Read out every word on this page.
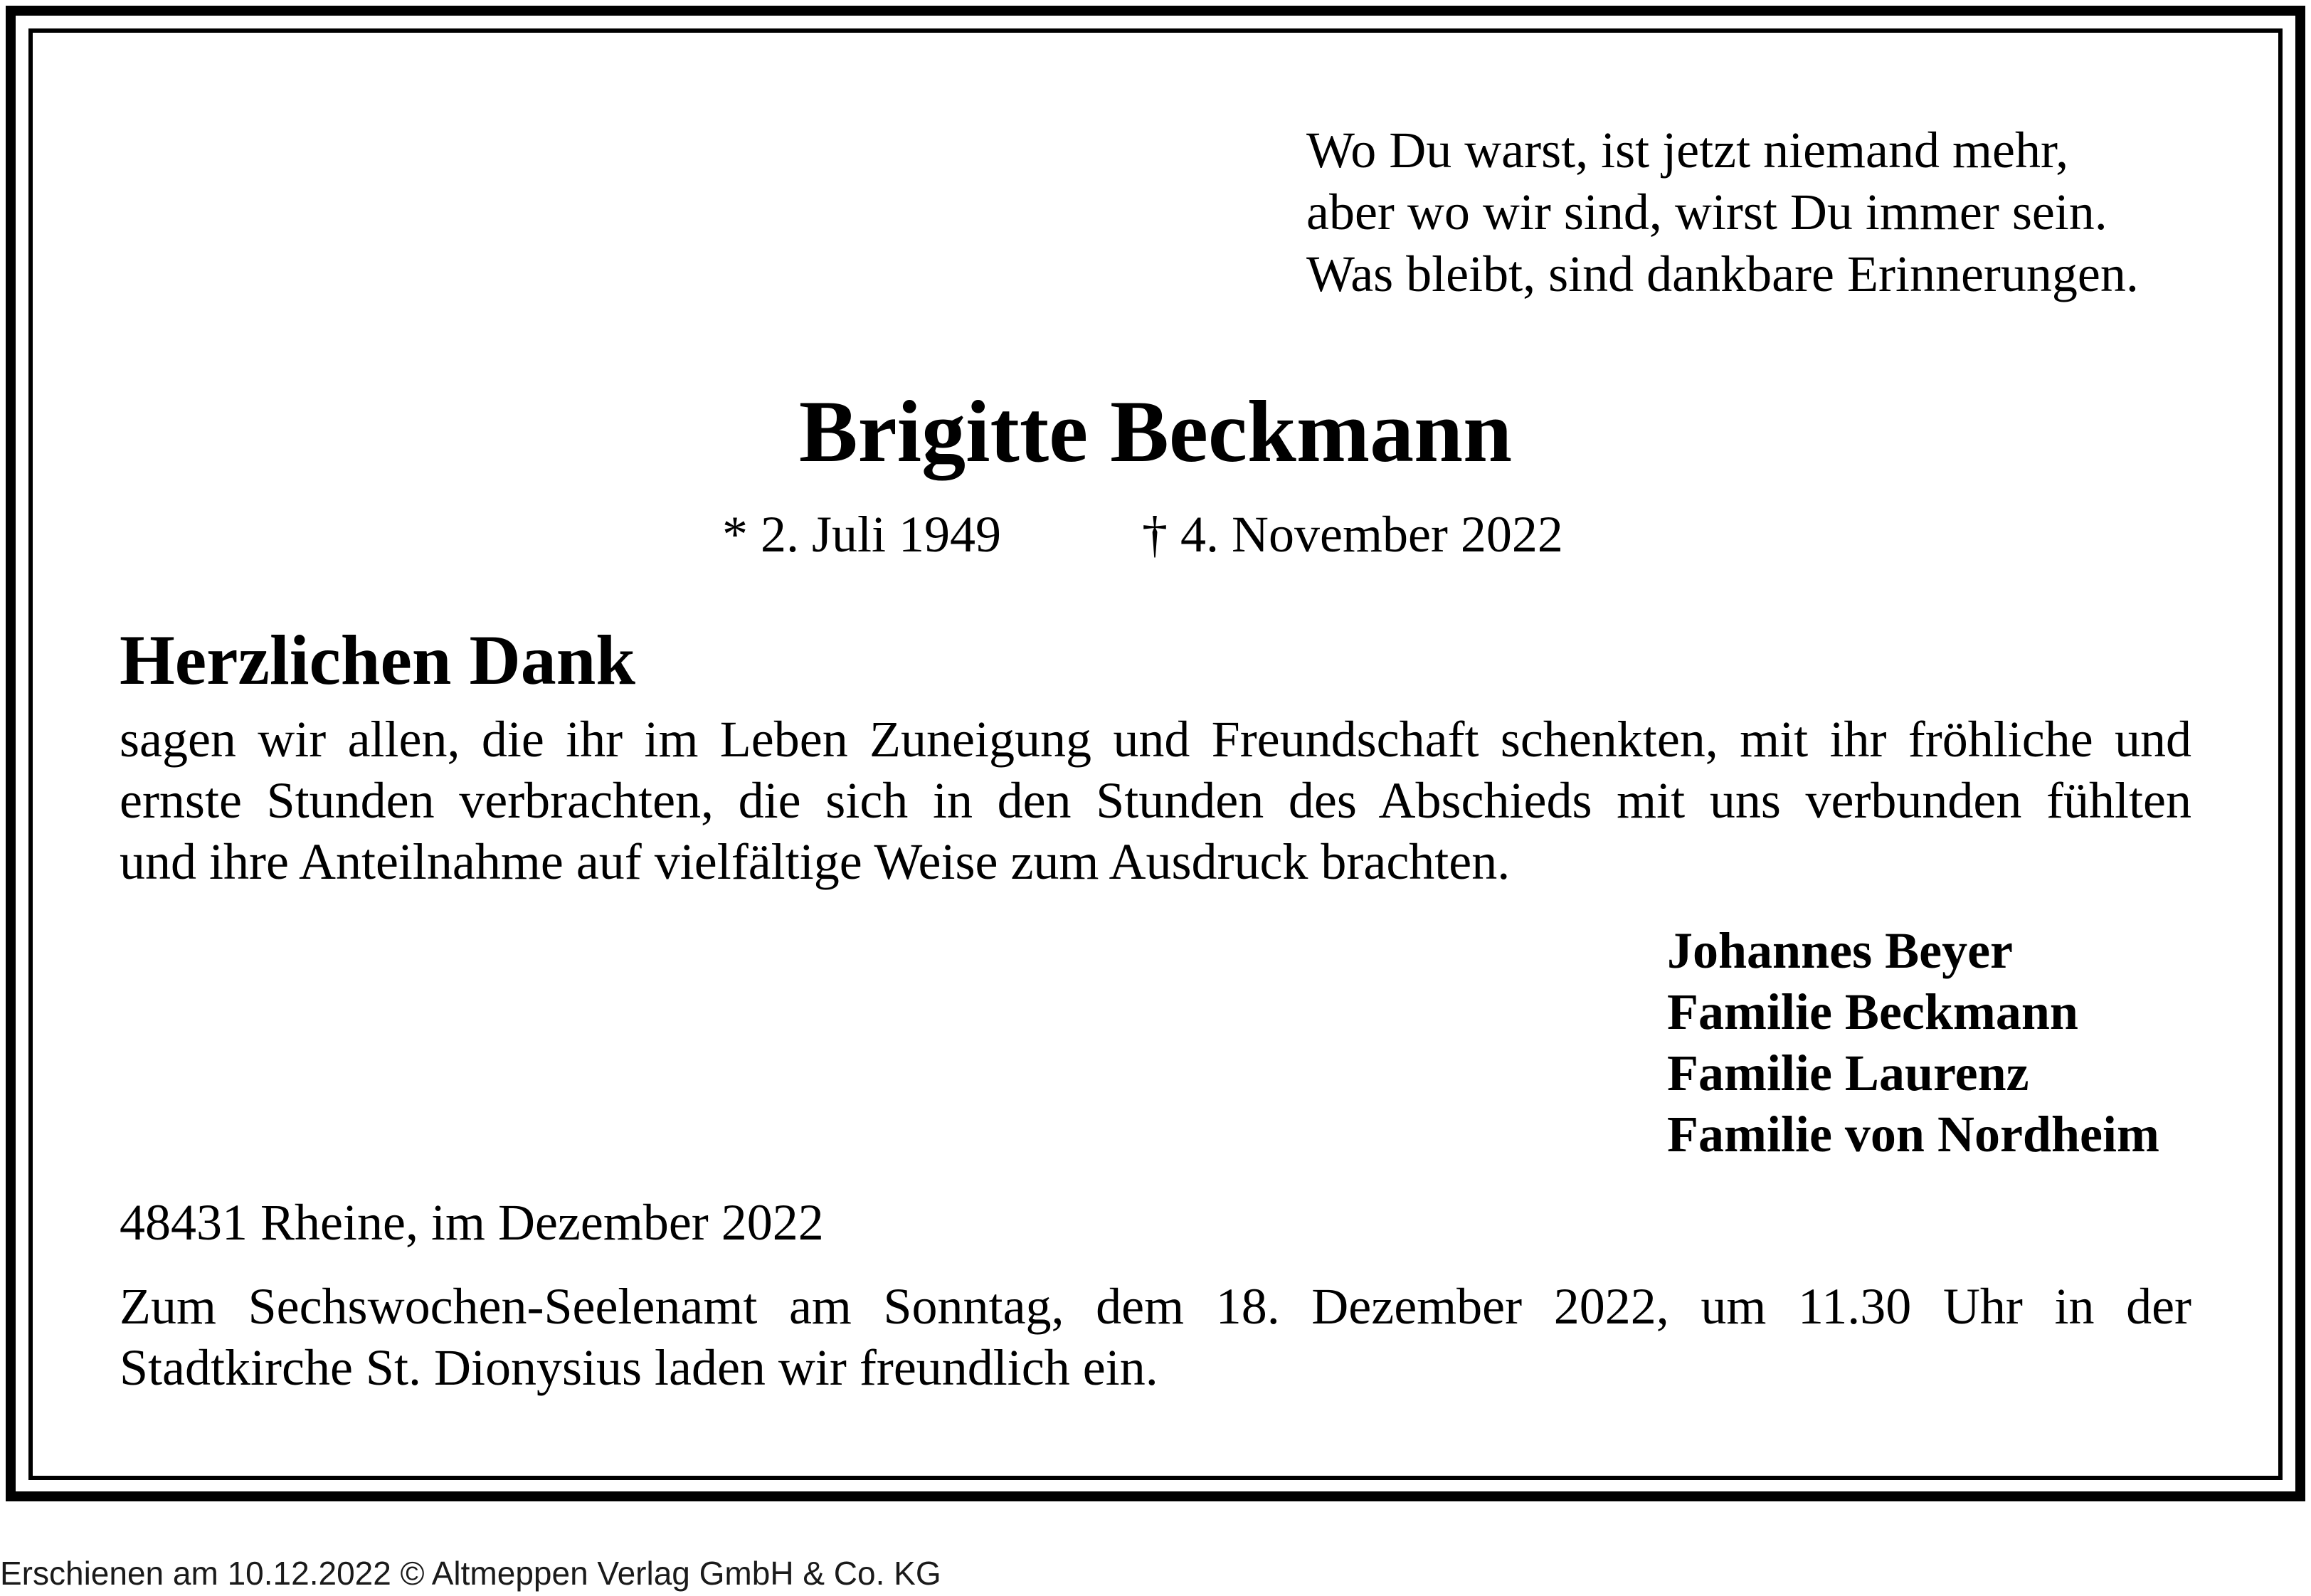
Wo Du warst, ist jetzt niemand mehr,
aber wo wir sind, wirst Du immer sein.
Was bleibt, sind dankbare Erinnerungen.
Brigitte Beckmann
* 2. Juli 1949	† 4. November 2022
Herzlichen Dank
sagen wir allen, die ihr im Leben Zuneigung und Freundschaft schenkten, mit ihr fröhliche und
ernste Stunden verbrachten, die sich in den Stunden des Abschieds mit uns verbunden fühlten
und ihre Anteilnahme auf vielfältige Weise zum Ausdruck brachten.
Johannes Beyer
Familie Beckmann
Familie Laurenz
Familie von Nordheim
48431 Rheine, im Dezember 2022
Zum Sechswochen-Seelenamt am Sonntag, dem 18. Dezember 2022, um 11.30 Uhr in der
Stadtkirche St. Dionysius laden wir freundlich ein.
Erschienen am 10.12.2022 © Altmeppen Verlag GmbH & Co. KG
